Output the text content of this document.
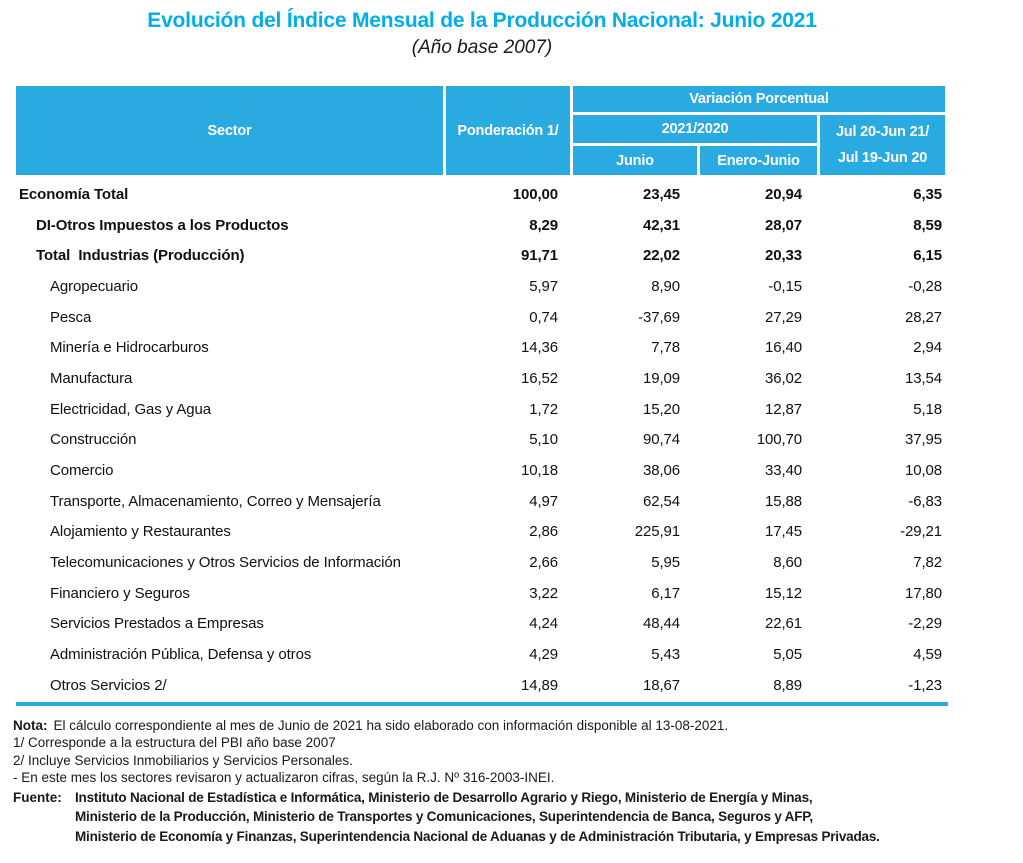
Evolución del Índice Mensual de la Producción Nacional: Junio 2021
(Año base 2007)
Sector	Ponderación 1/
Variación Porcentual
2021/2020	Jul 20-Jun 21/
Jul 19-Jun 20
Junio	Enero-Junio
Economía Total	100,00	23,45	20,94	6,35
DI-Otros Impuestos a los Productos	8,29	42,31	28,07	8,59
Total  Industrias (Producción)	91,71	22,02	20,33	6,15
Agropecuario	5,97	8,90	-0,15	-0,28
Pesca	0,74	-37,69	27,29	28,27
Minería e Hidrocarburos	14,36	7,78	16,40	2,94
Manufactura	16,52	19,09	36,02	13,54
Electricidad, Gas y Agua	1,72	15,20	12,87	5,18
Construcción	5,10	90,74	100,70	37,95
Comercio	10,18	38,06	33,40	10,08
Transporte, Almacenamiento, Correo y Mensajería	4,97	62,54	15,88	-6,83
Alojamiento y Restaurantes	2,86	225,91	17,45	-29,21
Telecomunicaciones y Otros Servicios de Información	2,66	5,95	8,60	7,82
Financiero y Seguros	3,22	6,17	15,12	17,80
Servicios Prestados a Empresas	4,24	48,44	22,61	-2,29
Administración Pública, Defensa y otros	4,29	5,43	5,05	4,59
Otros Servicios 2/	14,89	18,67	8,89	-1,23
Nota: El cálculo correspondiente al mes de Junio de 2021 ha sido elaborado con información disponible al 13-08-2021.
1/ Corresponde a la estructura del PBI año base 2007
2/ Incluye Servicios Inmobiliarios y Servicios Personales.
- En este mes los sectores revisaron y actualizaron cifras, según la R.J. Nº 316-2003-INEI.
Fuente: Instituto Nacional de Estadística e Informática, Ministerio de Desarrollo Agrario y Riego, Ministerio de Energía y Minas,
Ministerio de la Producción, Ministerio de Transportes y Comunicaciones, Superintendencia de Banca, Seguros y AFP,
Ministerio de Economía y Finanzas, Superintendencia Nacional de Aduanas y de Administración Tributaria, y Empresas Privadas.
